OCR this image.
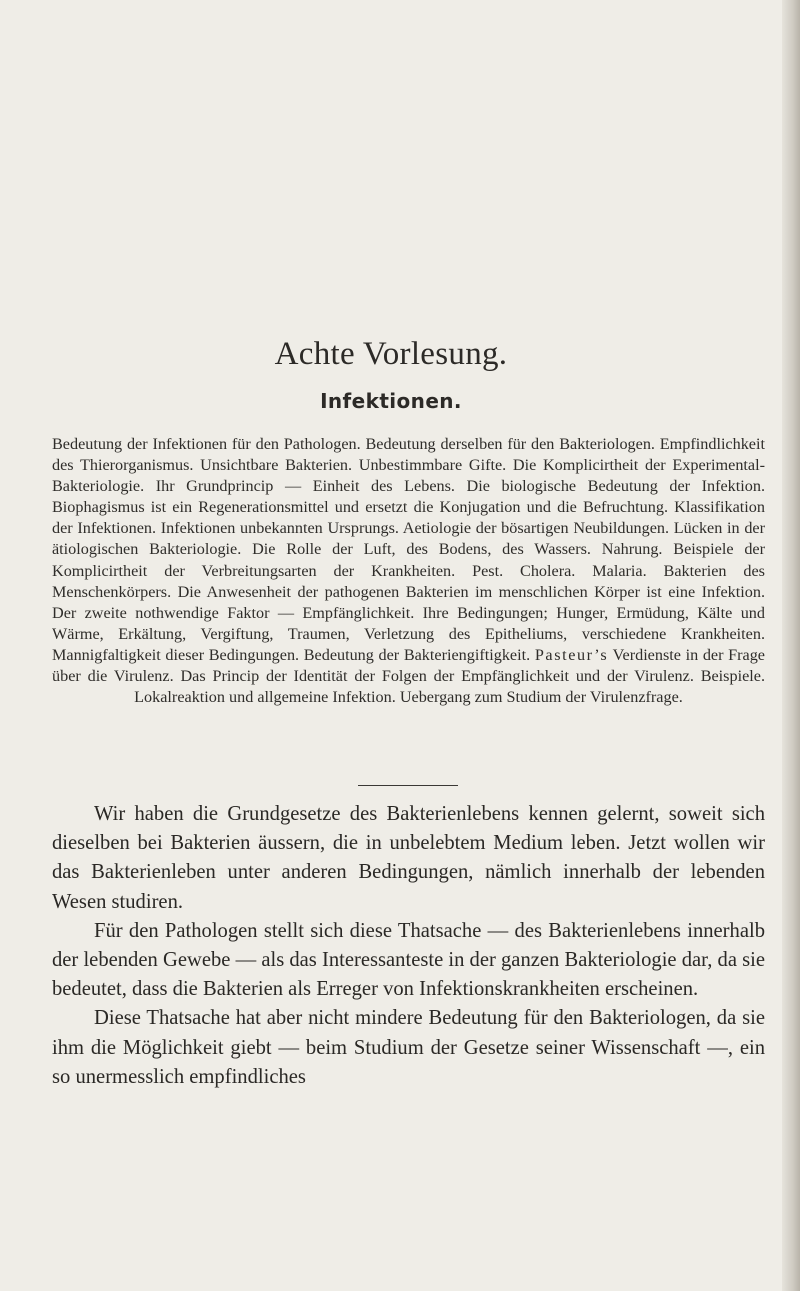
Achte Vorlesung.
Infektionen.

Bedeutung der Infektionen für den Pathologen. Bedeutung derselben für den Bakteriologen. Empfindlichkeit des Thierorganismus. Unsichtbare Bakterien. Unbestimmbare Gifte. Die Komplicirtheit der Experimental-Bakteriologie. Ihr Grundprincip — Einheit des Lebens. Die biologische Bedeutung der Infektion. Biophagismus ist ein Regenerationsmittel und ersetzt die Konjugation und die Befruchtung. Klassifikation der Infektionen. Infektionen unbekannten Ursprungs. Aetiologie der bösartigen Neubildungen. Lücken in der ätiologischen Bakteriologie. Die Rolle der Luft, des Bodens, des Wassers. Nahrung. Beispiele der Komplicirtheit der Verbreitungsarten der Krankheiten. Pest. Cholera. Malaria. Bakterien des Menschenkörpers. Die Anwesenheit der pathogenen Bakterien im menschlichen Körper ist eine Infektion. Der zweite nothwendige Faktor — Empfänglichkeit. Ihre Bedingungen; Hunger, Ermüdung, Kälte und Wärme, Erkältung, Vergiftung, Traumen, Verletzung des Epitheliums, verschiedene Krankheiten. Mannigfaltigkeit dieser Bedingungen. Bedeutung der Bakteriengiftigkeit. Pasteur’s Verdienste in der Frage über die Virulenz. Das Princip der Identität der Folgen der Empfänglichkeit und der Virulenz. Beispiele. Lokalreaktion und allgemeine Infektion. Uebergang zum Studium der Virulenzfrage.

Wir haben die Grundgesetze des Bakterienlebens kennen gelernt, soweit sich dieselben bei Bakterien äussern, die in unbelebtem Medium leben. Jetzt wollen wir das Bakterienleben unter anderen Bedingungen, nämlich innerhalb der lebenden Wesen studiren.

Für den Pathologen stellt sich diese Thatsache — des Bakterienlebens innerhalb der lebenden Gewebe — als das Interessanteste in der ganzen Bakteriologie dar, da sie bedeutet, dass die Bakterien als Erreger von Infektionskrankheiten erscheinen.

Diese Thatsache hat aber nicht mindere Bedeutung für den Bakteriologen, da sie ihm die Möglichkeit giebt — beim Studium der Gesetze seiner Wissenschaft —, ein so unermesslich empfindliches
